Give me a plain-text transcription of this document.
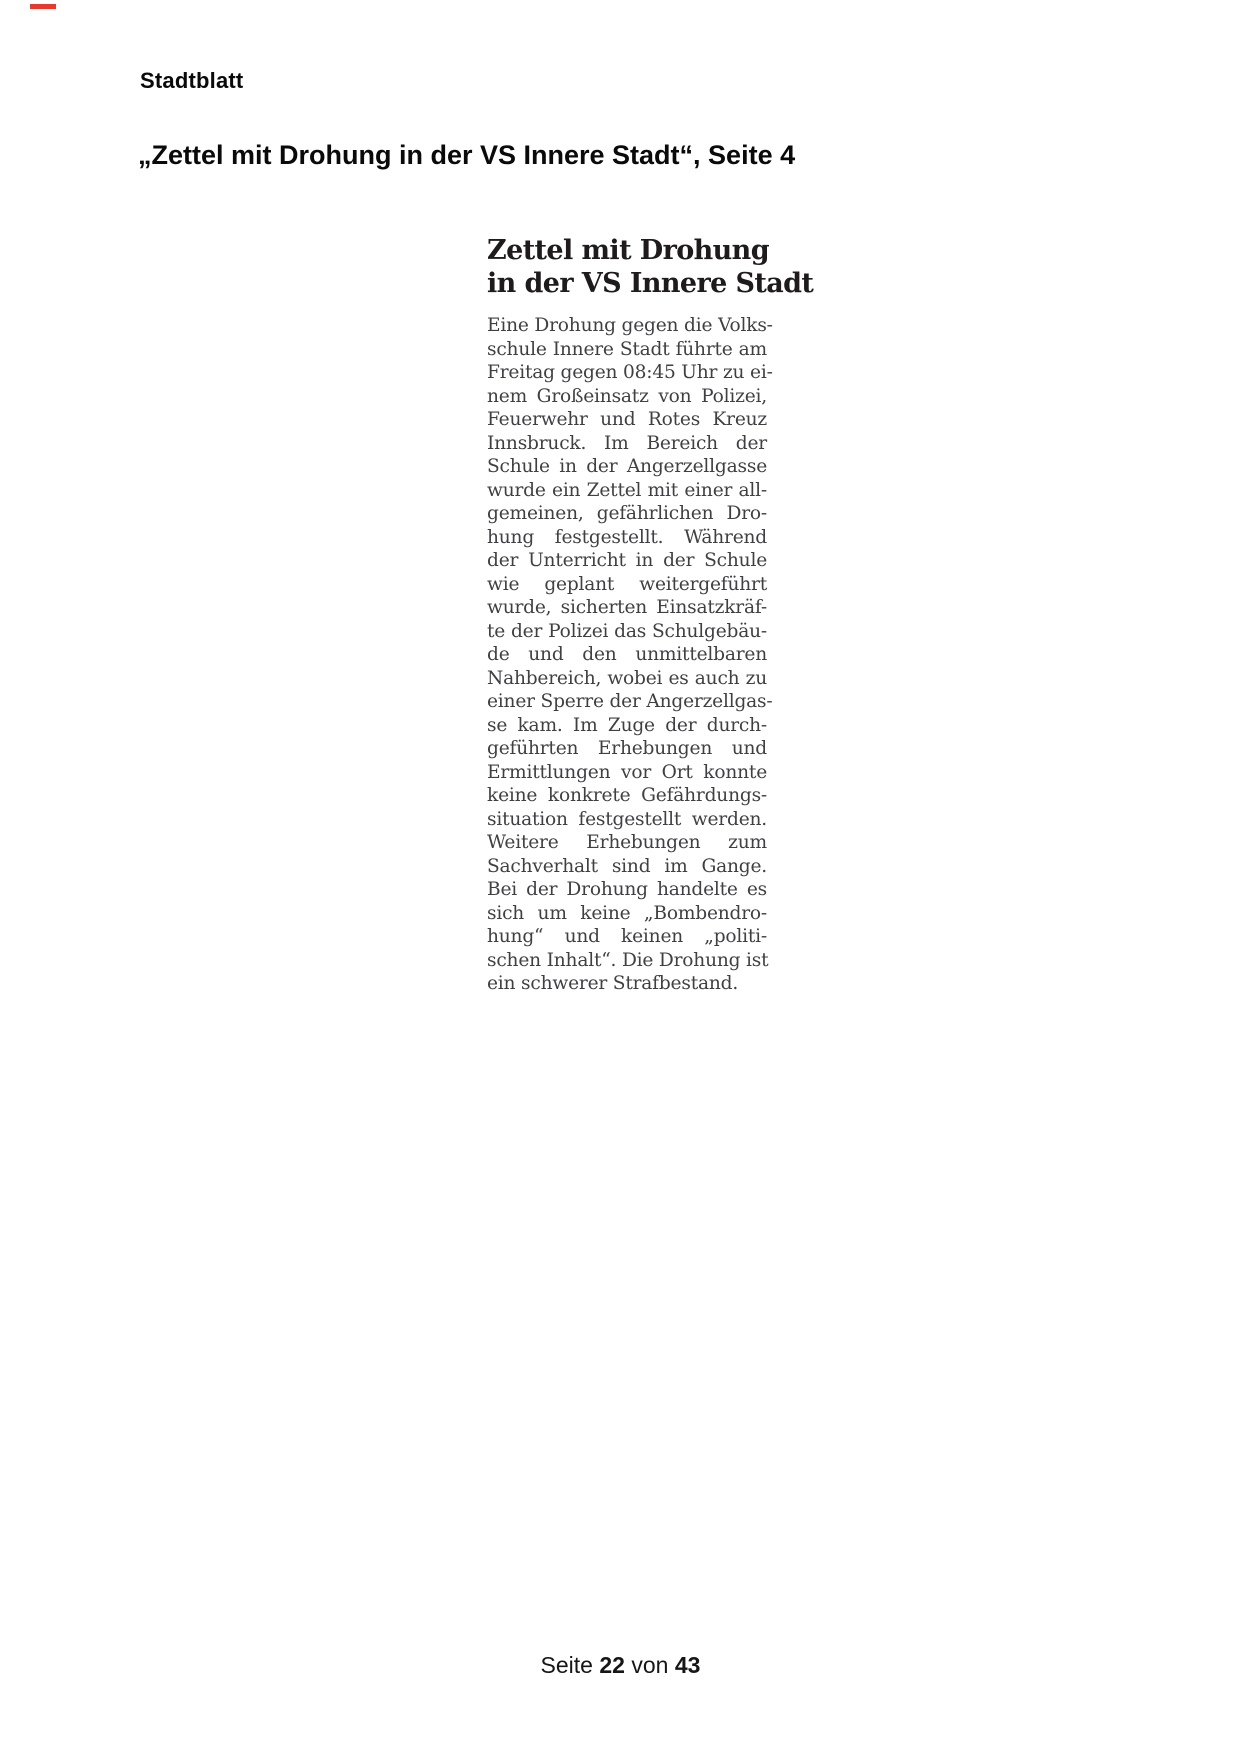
Stadtblatt
„Zettel mit Drohung in der VS Innere Stadt“, Seite 4
Zettel mit Drohung
in der VS Innere Stadt
Eine Drohung gegen die Volks-
schule Innere Stadt führte am
Freitag gegen 08:45 Uhr zu ei-
nem Großeinsatz von Polizei,
Feuerwehr und Rotes Kreuz
Innsbruck. Im Bereich der
Schule in der Angerzellgasse
wurde ein Zettel mit einer all-
gemeinen, gefährlichen Dro-
hung festgestellt. Während
der Unterricht in der Schule
wie geplant weitergeführt
wurde, sicherten Einsatzkräf-
te der Polizei das Schulgebäu-
de und den unmittelbaren
Nahbereich, wobei es auch zu
einer Sperre der Angerzellgas-
se kam. Im Zuge der durch-
geführten Erhebungen und
Ermittlungen vor Ort konnte
keine konkrete Gefährdungs-
situation festgestellt werden.
Weitere Erhebungen zum
Sachverhalt sind im Gange.
Bei der Drohung handelte es
sich um keine „Bombendro-
hung“ und keinen „politi-
schen Inhalt“. Die Drohung ist
ein schwerer Strafbestand.
Seite 22 von 43
